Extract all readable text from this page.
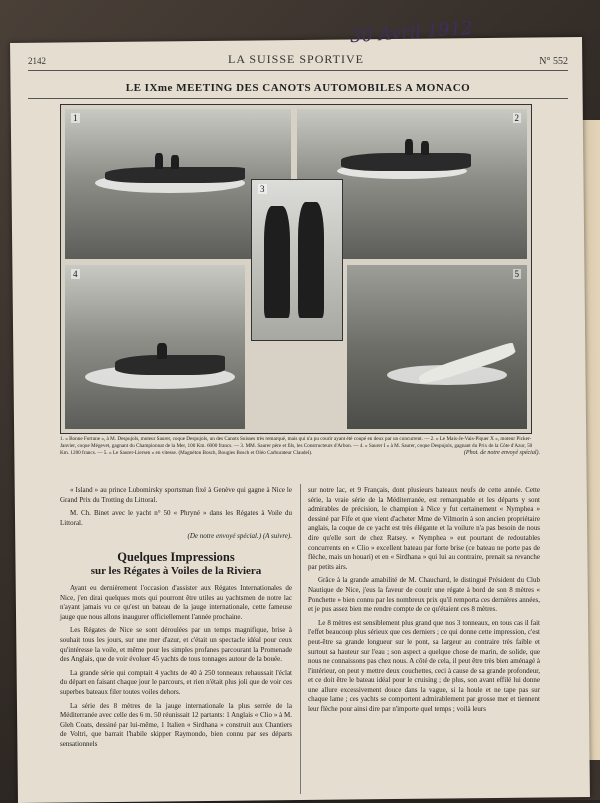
30 Avril 1912
2142	LA SUISSE SPORTIVE	N° 552
LE IXme MEETING DES CANOTS AUTOMOBILES A MONACO
1	2
3
4	5
1. « Bonne Fortune », à M. Despujols, moteur Saurer, coque Despujols, un des Canots Suisses très remarqué, mais qui n'a pu courir ayant été coupé en deux par un concurrent. — 2. « Le Mais-Je-Vais-Piquer X », moteur Picker-Janvier, coque Mégevet, gagnant du Championnat de la Mer, 100 Km. 6000 francs. — 3. MM. Saurer père et fils, les Constructeurs d'Arbon. — 4. « Saurer I » à M. Saurer, coque Despujols, gagnant du Prix de la Côte d'Azur, 50 Km. 1200 francs. — 5. « Le Saurer-Liersen » en vitesse. (Magnéton Bosch, Bougies Bosch et Oléo Carburateur Claudel).	(Phot. de notre envoyé spécial).

« Island » au prince Lubomirsky sportsman fixé à Genève qui gagne à Nice le Grand Prix du Trotting du Littoral.

M. Ch. Binet avec le yacht n° 50 « Phryné » dans les Régates à Voile du Littoral.

(De notre envoyé spécial.) (A suivre).
Quelques Impressions
sur les Régates à Voiles de la Riviera

Ayant eu dernièrement l'occasion d'assister aux Régates Internationales de Nice, j'en dirai quelques mots qui pourront être utiles au yachtsmen de notre lac n'ayant jamais vu ce qu'est un bateau de la jauge internationale, cette fameuse jauge que nous allons inaugurer officiellement l'année prochaine.

Les Régates de Nice se sont déroulées par un temps magnifique, brise à souhait tous les jours, sur une mer d'azur, et c'était un spectacle idéal pour ceux qu'intéresse la voile, et même pour les simples profanes parcourant la Promenade des Anglais, que de voir évoluer 45 yachts de tous tonnages autour de la bouée.

La grande série qui comptait 4 yachts de 40 à 250 tonneaux rehaussait l'éclat du départ en faisant chaque jour le parcours, et rien n'était plus joli que de voir ces superbes bateaux filer toutes voiles dehors.

La série des 8 mètres de la jauge internationale la plus serrée de la Méditerranée avec celle des 6 m. 50 réunissait 12 partants: 1 Anglais « Clio » à M. Gleh Coats, dessiné par lui-même, 1 Italien « Sirdhana » construit aux Chantiers de Voltri, que barrait l'habile skipper Raymondo, bien connu par ses départs sensationnels

sur notre lac, et 9 Français, dont plusieurs bateaux neufs de cette année. Cette série, la vraie série de la Méditerranée, est remarquable et les départs y sont admirables de précision, le champion à Nice y fut certainement « Nymphea » dessiné par Fife et que vient d'acheter Mme de Vilmorin à son ancien propriétaire anglais, la coque de ce yacht est très élégante et la voilure n'a pas besoin de nous dire qu'elle sort de chez Ratsey. « Nymphea » eut pourtant de redoutables concurrents en « Clio » excellent bateau par forte brise (ce bateau ne porte pas de flèche, mais un houari) et en « Sirdhana » qui lui au contraire, prenait sa revanche par petits airs.

Grâce à la grande amabilité de M. Chauchard, le distingué Président du Club Nautique de Nice, j'eus la faveur de courir une régate à bord de son 8 mètres « Ponchette » bien connu par les nombreux prix qu'il remporta ces dernières années, et je pus assez bien me rendre compte de ce qu'étaient ces 8 mètres.

Le 8 mètres est sensiblement plus grand que nos 3 tonneaux, en tous cas il fait l'effet beaucoup plus sérieux que ces derniers ; ce qui donne cette impression, c'est peut-être sa grande longueur sur le pont, sa largeur au contraire très faible et surtout sa hauteur sur l'eau ; son aspect a quelque chose de marin, de solide, que nous ne connaissons pas chez nous. A côté de cela, il peut être très bien aménagé à l'intérieur, on peut y mettre deux couchettes, ceci à cause de sa grande profondeur, et ce doit être le bateau idéal pour le cruising ; de plus, son avant effilé lui donne une allure excessivement douce dans la vague, si la houle et ne tape pas sur chaque lame ; ces yachts se comportent admirablement par grosse mer et tiennent leur flèche pour ainsi dire par n'importe quel temps ; voilà leurs
